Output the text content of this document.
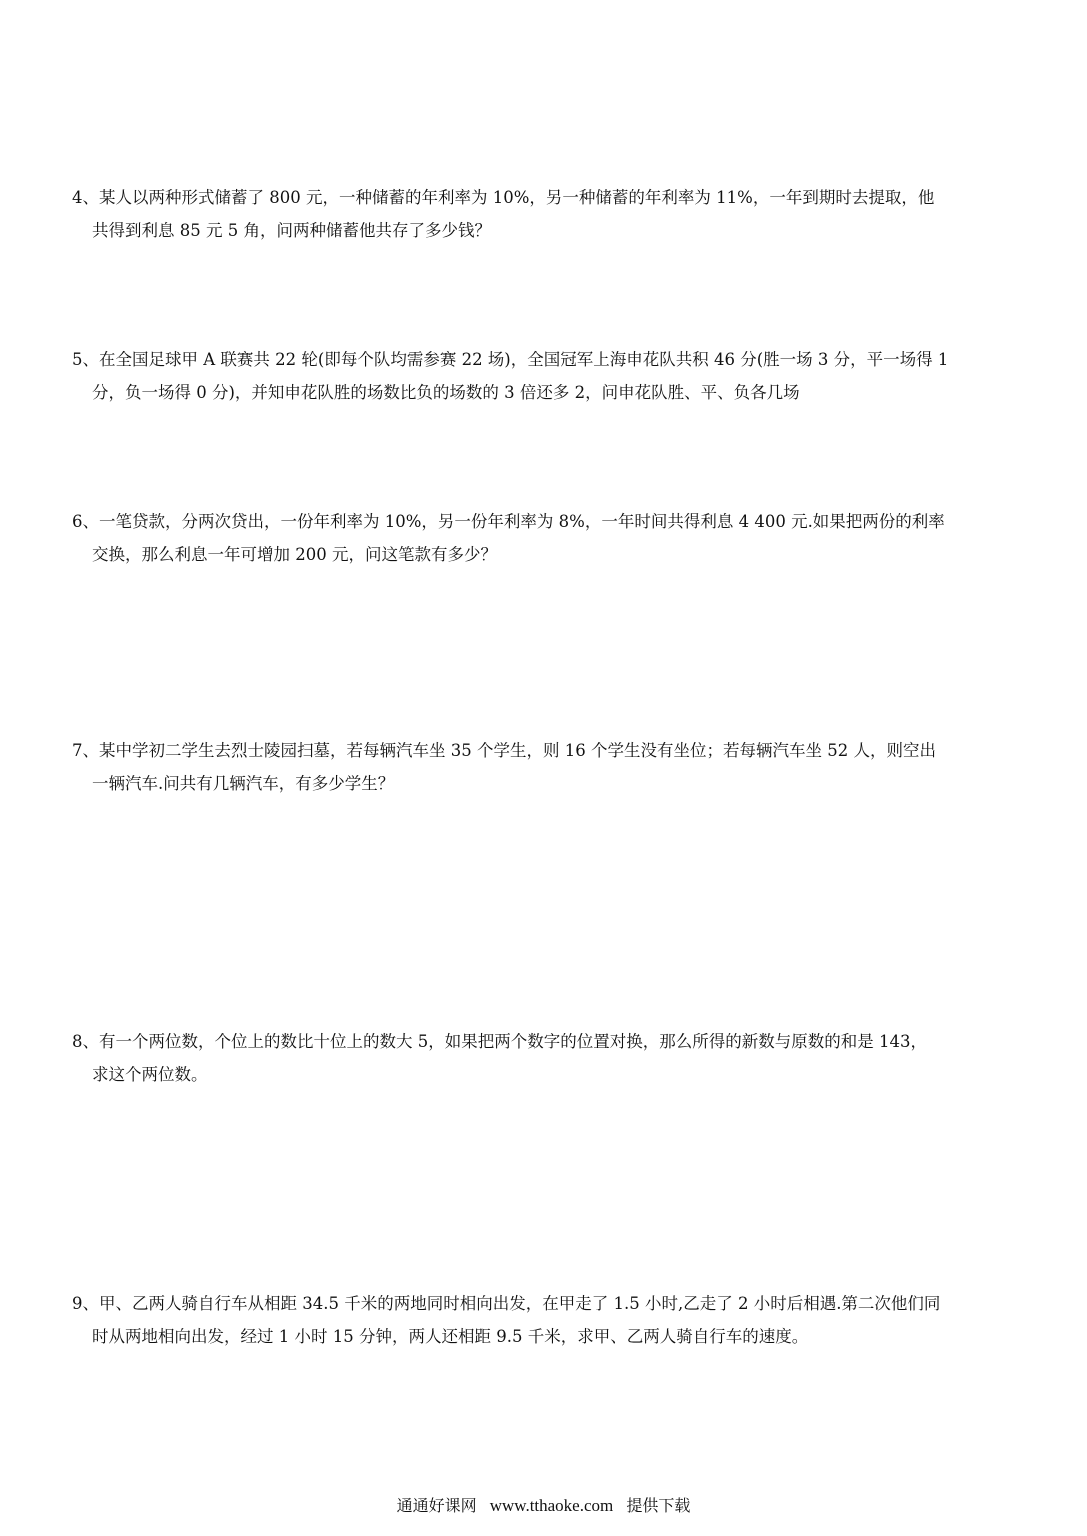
4、某人以两种形式储蓄了 800 元，一种储蓄的年利率为 10%，另一种储蓄的年利率为 11%，一年到期时去提取，他
共得到利息 85 元 5 角，问两种储蓄他共存了多少钱？
5、在全国足球甲 A 联赛共 22 轮(即每个队均需参赛 22 场)，全国冠军上海申花队共积 46 分(胜一场 3 分，平一场得 1
分，负一场得 0 分)，并知申花队胜的场数比负的场数的 3 倍还多 2，问申花队胜、平、负各几场
6、一笔贷款，分两次贷出，一份年利率为 10%，另一份年利率为 8%，一年时间共得利息 4 400 元.如果把两份的利率
交换，那么利息一年可增加 200 元，问这笔款有多少？
7、某中学初二学生去烈士陵园扫墓，若每辆汽车坐 35 个学生，则 16 个学生没有坐位；若每辆汽车坐 52 人，则空出
一辆汽车.问共有几辆汽车，有多少学生？
8、有一个两位数，个位上的数比十位上的数大 5，如果把两个数字的位置对换，那么所得的新数与原数的和是 143，
求这个两位数。
9、甲、乙两人骑自行车从相距 34.5 千米的两地同时相向出发，在甲走了 1.5 小时,乙走了 2 小时后相遇.第二次他们同
时从两地相向出发，经过 1 小时 15 分钟，两人还相距 9.5 千米，求甲、乙两人骑自行车的速度。
通通好课网 www.tthaoke.com 提供下载
